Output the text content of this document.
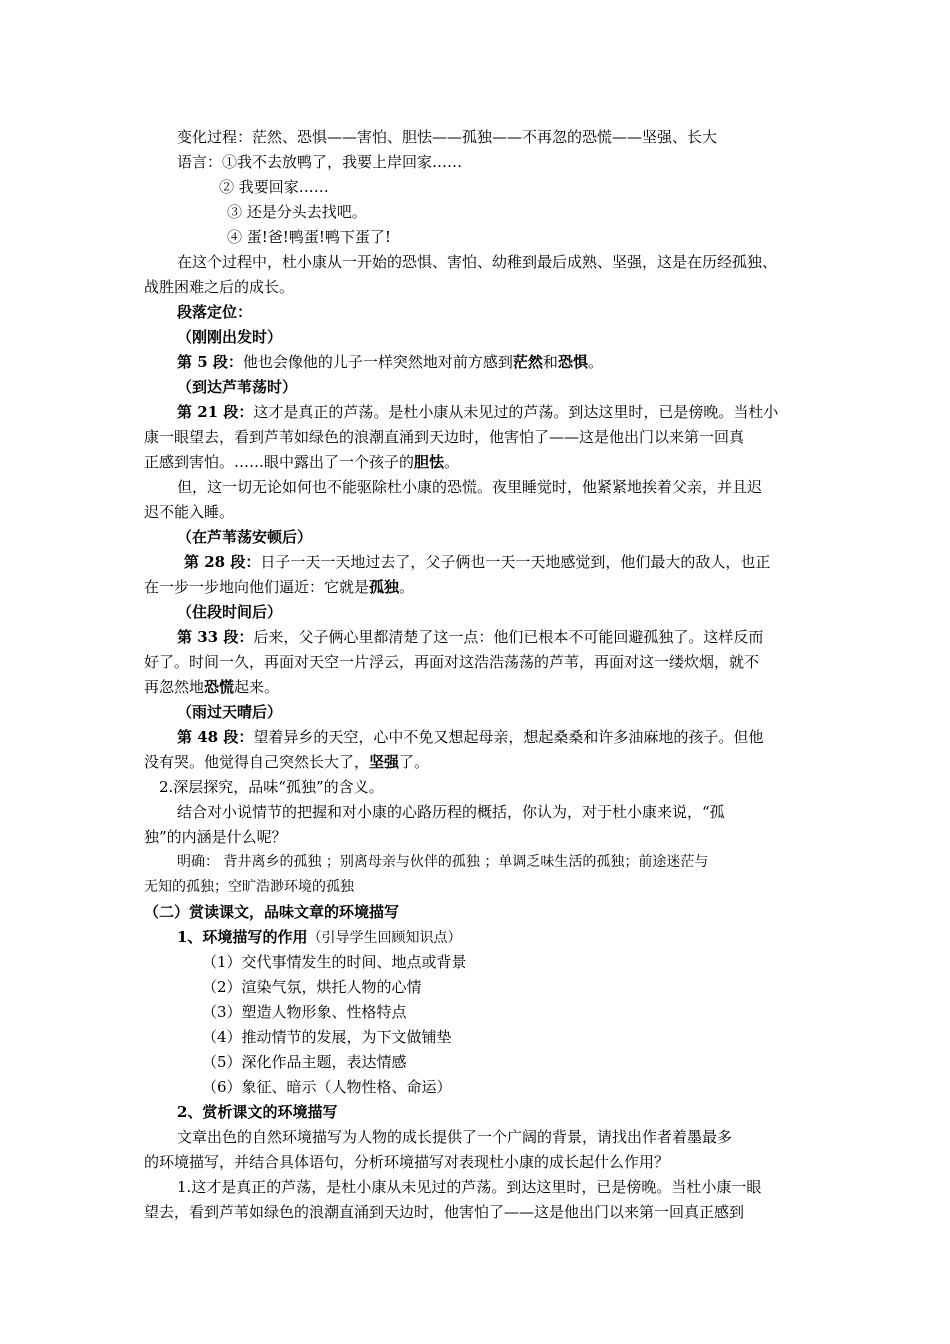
变化过程：茫然、恐惧——害怕、胆怯——孤独——不再忽的恐慌——坚强、长大
语言：①我不去放鸭了，我要上岸回家……
② 我要回家……
③ 还是分头去找吧。
④ 蛋!爸!鸭蛋!鸭下蛋了!
在这个过程中，杜小康从一开始的恐惧、害怕、幼稚到最后成熟、坚强，这是在历经孤独、
战胜困难之后的成长。
段落定位：
（刚刚出发时）
第 5 段：他也会像他的儿子一样突然地对前方感到茫然和恐惧。
（到达芦苇荡时）
第 21 段：这才是真正的芦荡。是杜小康从未见过的芦荡。到达这里时，已是傍晚。当杜小
康一眼望去，看到芦苇如绿色的浪潮直涌到天边时，他害怕了——这是他出门以来第一回真
正感到害怕。……眼中露出了一个孩子的胆怯。
但，这一切无论如何也不能驱除杜小康的恐慌。夜里睡觉时，他紧紧地挨着父亲，并且迟
迟不能入睡。
（在芦苇荡安顿后）
第 28 段：日子一天一天地过去了，父子俩也一天一天地感觉到，他们最大的敌人，也正
在一步一步地向他们逼近：它就是孤独。
（住段时间后）
第 33 段：后来，父子俩心里都清楚了这一点：他们已根本不可能回避孤独了。这样反而
好了。时间一久，再面对天空一片浮云，再面对这浩浩荡荡的芦苇，再面对这一缕炊烟，就不
再忽然地恐慌起来。
（雨过天晴后）
第 48 段：望着异乡的天空，心中不免又想起母亲，想起桑桑和许多油麻地的孩子。但他
没有哭。他觉得自己突然长大了，坚强了。
2.深层探究，品味“孤独”的含义。
结合对小说情节的把握和对小康的心路历程的概括，你认为，对于杜小康来说，“孤
独”的内涵是什么呢？
明确： 背井离乡的孤独 ；别离母亲与伙伴的孤独 ；单调乏味生活的孤独；前途迷茫与
无知的孤独；空旷浩渺环境的孤独
（二）赏读课文，品味文章的环境描写
1、环境描写的作用（引导学生回顾知识点）
（1）交代事情发生的时间、地点或背景
（2）渲染气氛，烘托人物的心情
（3）塑造人物形象、性格特点
（4）推动情节的发展，为下文做铺垫
（5）深化作品主题，表达情感
（6）象征、暗示（人物性格、命运）
2、赏析课文的环境描写
文章出色的自然环境描写为人物的成长提供了一个广阔的背景，请找出作者着墨最多
的环境描写，并结合具体语句，分析环境描写对表现杜小康的成长起什么作用？
1.这才是真正的芦荡，是杜小康从未见过的芦荡。到达这里时，已是傍晚。当杜小康一眼
望去，看到芦苇如绿色的浪潮直涌到天边时，他害怕了——这是他出门以来第一回真正感到
